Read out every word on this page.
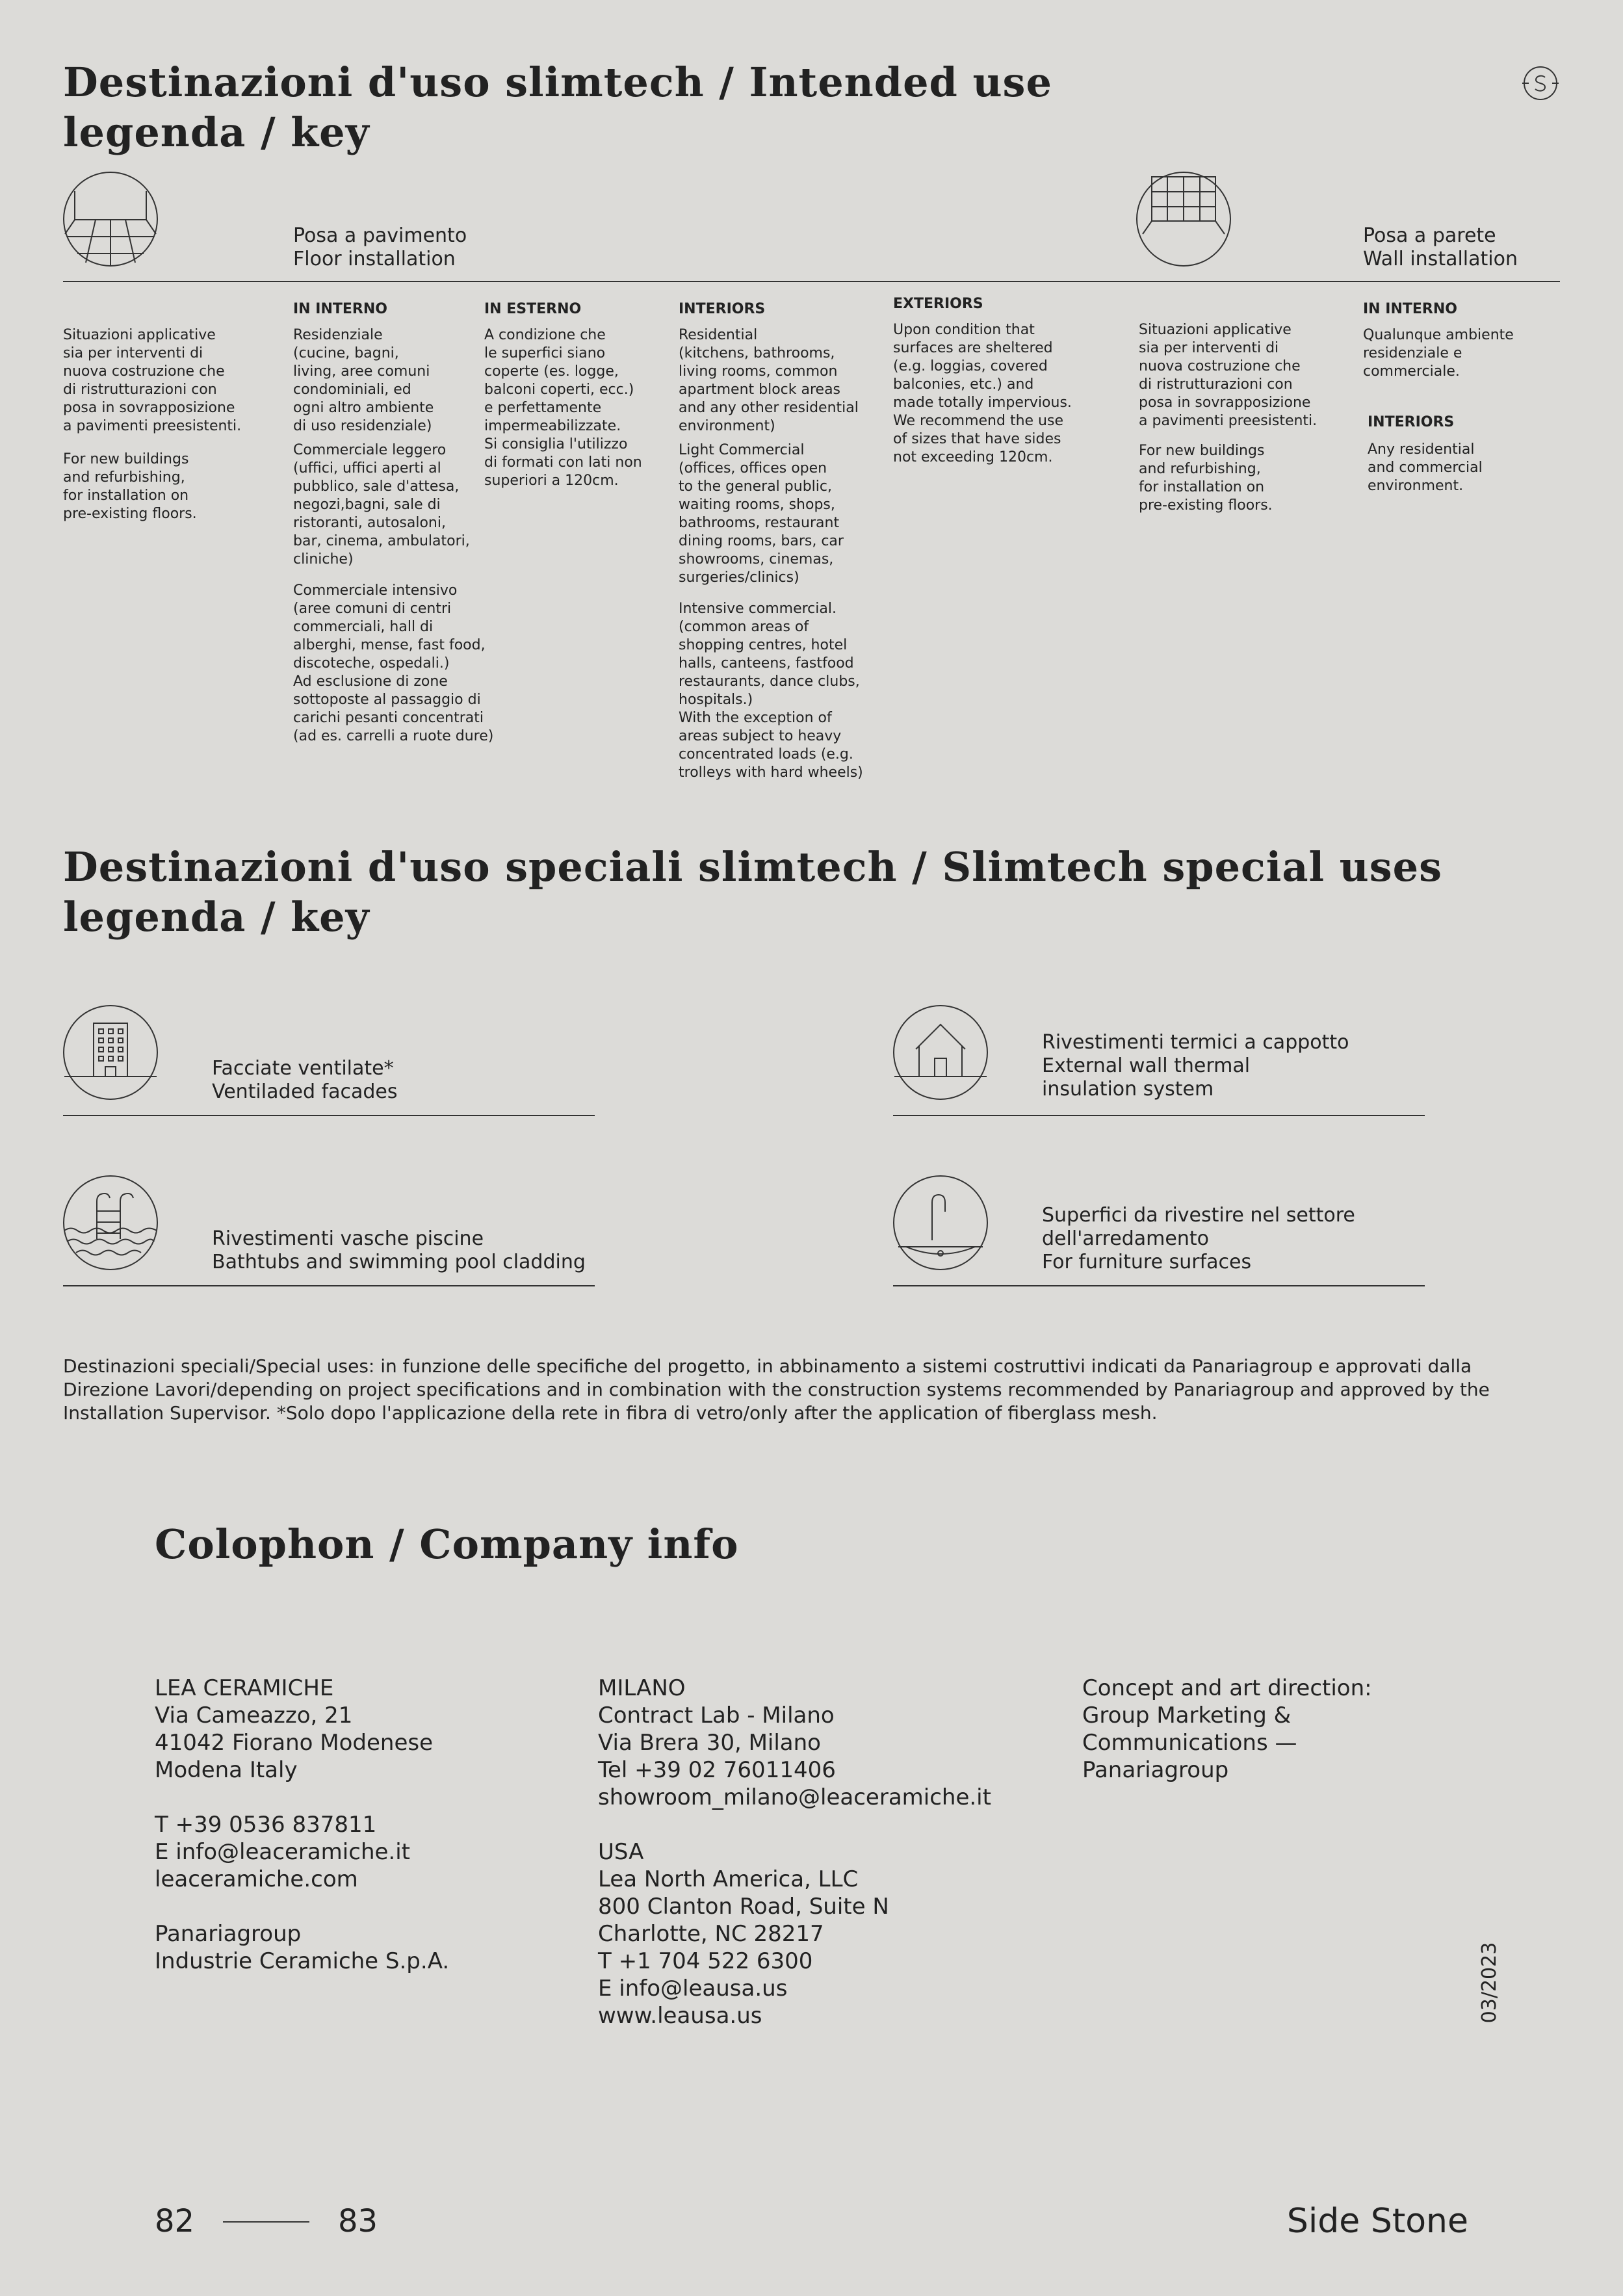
Destinazioni d'uso slimtech / Intended use
legenda / key
Posa a pavimento
Floor installation
Posa a parete
Wall installation
Situazioni applicative
sia per interventi di
nuova costruzione che
di ristrutturazioni con
posa in sovrapposizione
a pavimenti preesistenti.
For new buildings
and refurbishing,
for installation on
pre-existing floors.
IN INTERNO
Residenziale
(cucine, bagni,
living, aree comuni
condominiali, ed
ogni altro ambiente
di uso residenziale)
Commerciale leggero
(uffici, uffici aperti al
pubblico, sale d'attesa,
negozi,bagni, sale di
ristoranti, autosaloni,
bar, cinema, ambulatori,
cliniche)
Commerciale intensivo
(aree comuni di centri
commerciali, hall di
alberghi, mense, fast food,
discoteche, ospedali.)
Ad esclusione di zone
sottoposte al passaggio di
carichi pesanti concentrati
(ad es. carrelli a ruote dure)
IN ESTERNO
A condizione che
le superfici siano
coperte (es. logge,
balconi coperti, ecc.)
e perfettamente
impermeabilizzate.
Si consiglia l'utilizzo
di formati con lati non
superiori a 120cm.
INTERIORS
Residential
(kitchens, bathrooms,
living rooms, common
apartment block areas
and any other residential
environment)
Light Commercial
(offices, offices open
to the general public,
waiting rooms, shops,
bathrooms, restaurant
dining rooms, bars, car
showrooms, cinemas,
surgeries/clinics)
Intensive commercial.
(common areas of
shopping centres, hotel
halls, canteens, fastfood
restaurants, dance clubs,
hospitals.)
With the exception of
areas subject to heavy
concentrated loads (e.g.
trolleys with hard wheels)
EXTERIORS
Upon condition that
surfaces are sheltered
(e.g. loggias, covered
balconies, etc.) and
made totally impervious.
We recommend the use
of sizes that have sides
not exceeding 120cm.
Situazioni applicative
sia per interventi di
nuova costruzione che
di ristrutturazioni con
posa in sovrapposizione
a pavimenti preesistenti.
For new buildings
and refurbishing,
for installation on
pre-existing floors.
IN INTERNO
Qualunque ambiente
residenziale e
commerciale.
INTERIORS
Any residential
and commercial
environment.
Destinazioni d'uso speciali slimtech / Slimtech special uses
legenda / key
Facciate ventilate*
Ventiladed facades
Rivestimenti termici a cappotto
External wall thermal
insulation system
Rivestimenti vasche piscine
Bathtubs and swimming pool cladding
Superfici da rivestire nel settore
dell'arredamento
For furniture surfaces
Destinazioni speciali/Special uses: in funzione delle specifiche del progetto, in abbinamento a sistemi costruttivi indicati da Panariagroup e approvati dalla Direzione Lavori/depending on project specifications and in combination with the construction systems recommended by Panariagroup and approved by the Installation Supervisor. *Solo dopo l'applicazione della rete in fibra di vetro/only after the application of fiberglass mesh.
Colophon / Company info
LEA CERAMICHE
Via Cameazzo, 21
41042 Fiorano Modenese
Modena Italy

T +39 0536 837811
E info@leaceramiche.it
leaceramiche.com

Panariagroup
Industrie Ceramiche S.p.A.
MILANO
Contract Lab - Milano
Via Brera 30, Milano
Tel +39 02 76011406
showroom_milano@leaceramiche.it

USA
Lea North America, LLC
800 Clanton Road, Suite N
Charlotte, NC 28217
T +1 704 522 6300
E info@leausa.us
www.leausa.us
Concept and art direction:
Group Marketing &
Communications —
Panariagroup
03/2023
82	83	Side Stone
